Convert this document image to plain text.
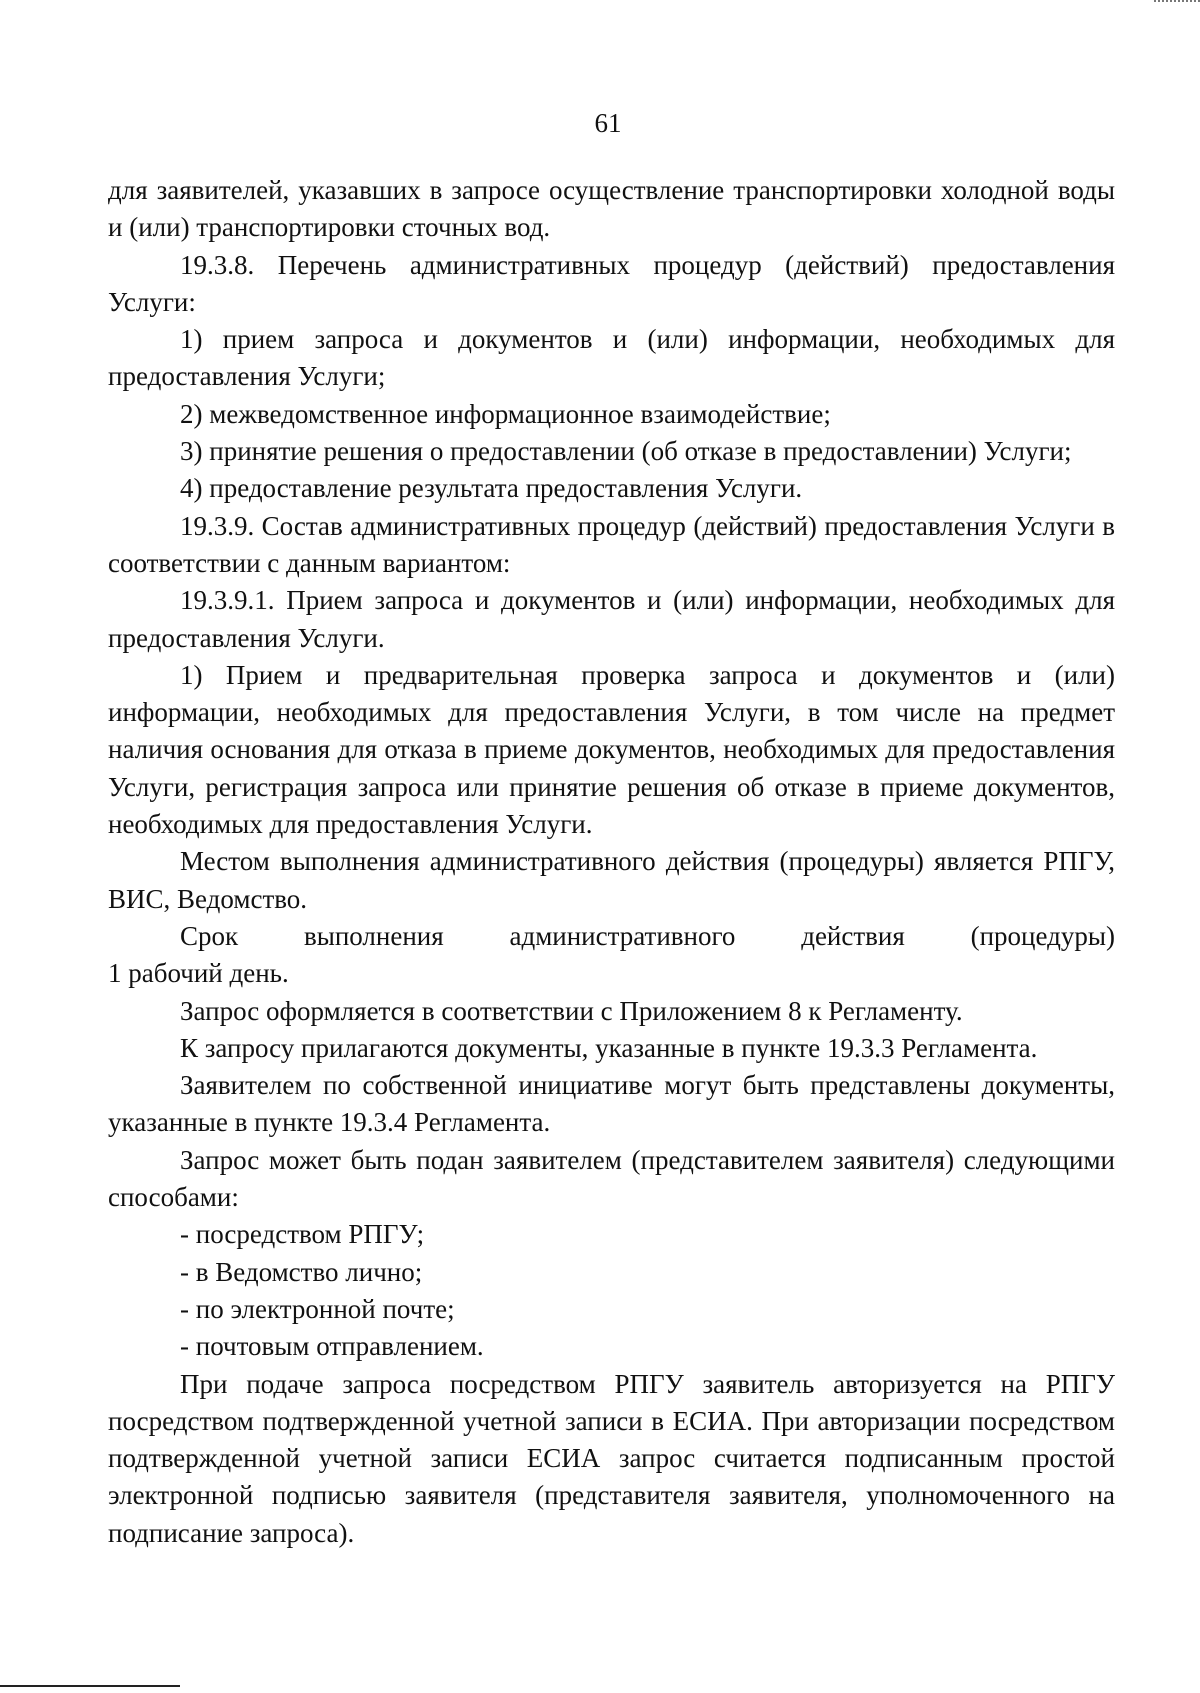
61

для заявителей, указавших в запросе осуществление транспортировки холодной воды и (или) транспортировки сточных вод.

19.3.8. Перечень административных процедур (действий) предоставления Услуги:

1) прием запроса и документов и (или) информации, необходимых для предоставления Услуги;

2) межведомственное информационное взаимодействие;

3) принятие решения о предоставлении (об отказе в предоставлении) Услуги;

4) предоставление результата предоставления Услуги.

19.3.9. Состав административных процедур (действий) предоставления Услуги в соответствии с данным вариантом:

19.3.9.1. Прием запроса и документов и (или) информации, необходимых для предоставления Услуги.

1) Прием и предварительная проверка запроса и документов и (или) информации, необходимых для предоставления Услуги, в том числе на предмет наличия основания для отказа в приеме документов, необходимых для предоставления Услуги, регистрация запроса или принятие решения об отказе в приеме документов, необходимых для предоставления Услуги.

Местом выполнения административного действия (процедуры) является РПГУ, ВИС, Ведомство.

Срок выполнения административного действия (процедуры)

1 рабочий день.

Запрос оформляется в соответствии с Приложением 8 к Регламенту.

К запросу прилагаются документы, указанные в пункте 19.3.3 Регламента.

Заявителем по собственной инициативе могут быть представлены документы, указанные в пункте 19.3.4 Регламента.

Запрос может быть подан заявителем (представителем заявителя) следующими способами:

- посредством РПГУ;

- в Ведомство лично;

- по электронной почте;

- почтовым отправлением.

При подаче запроса посредством РПГУ заявитель авторизуется на РПГУ посредством подтвержденной учетной записи в ЕСИА. При авторизации посредством подтвержденной учетной записи ЕСИА запрос считается подписанным простой электронной подписью заявителя (представителя заявителя, уполномоченного на подписание запроса).
